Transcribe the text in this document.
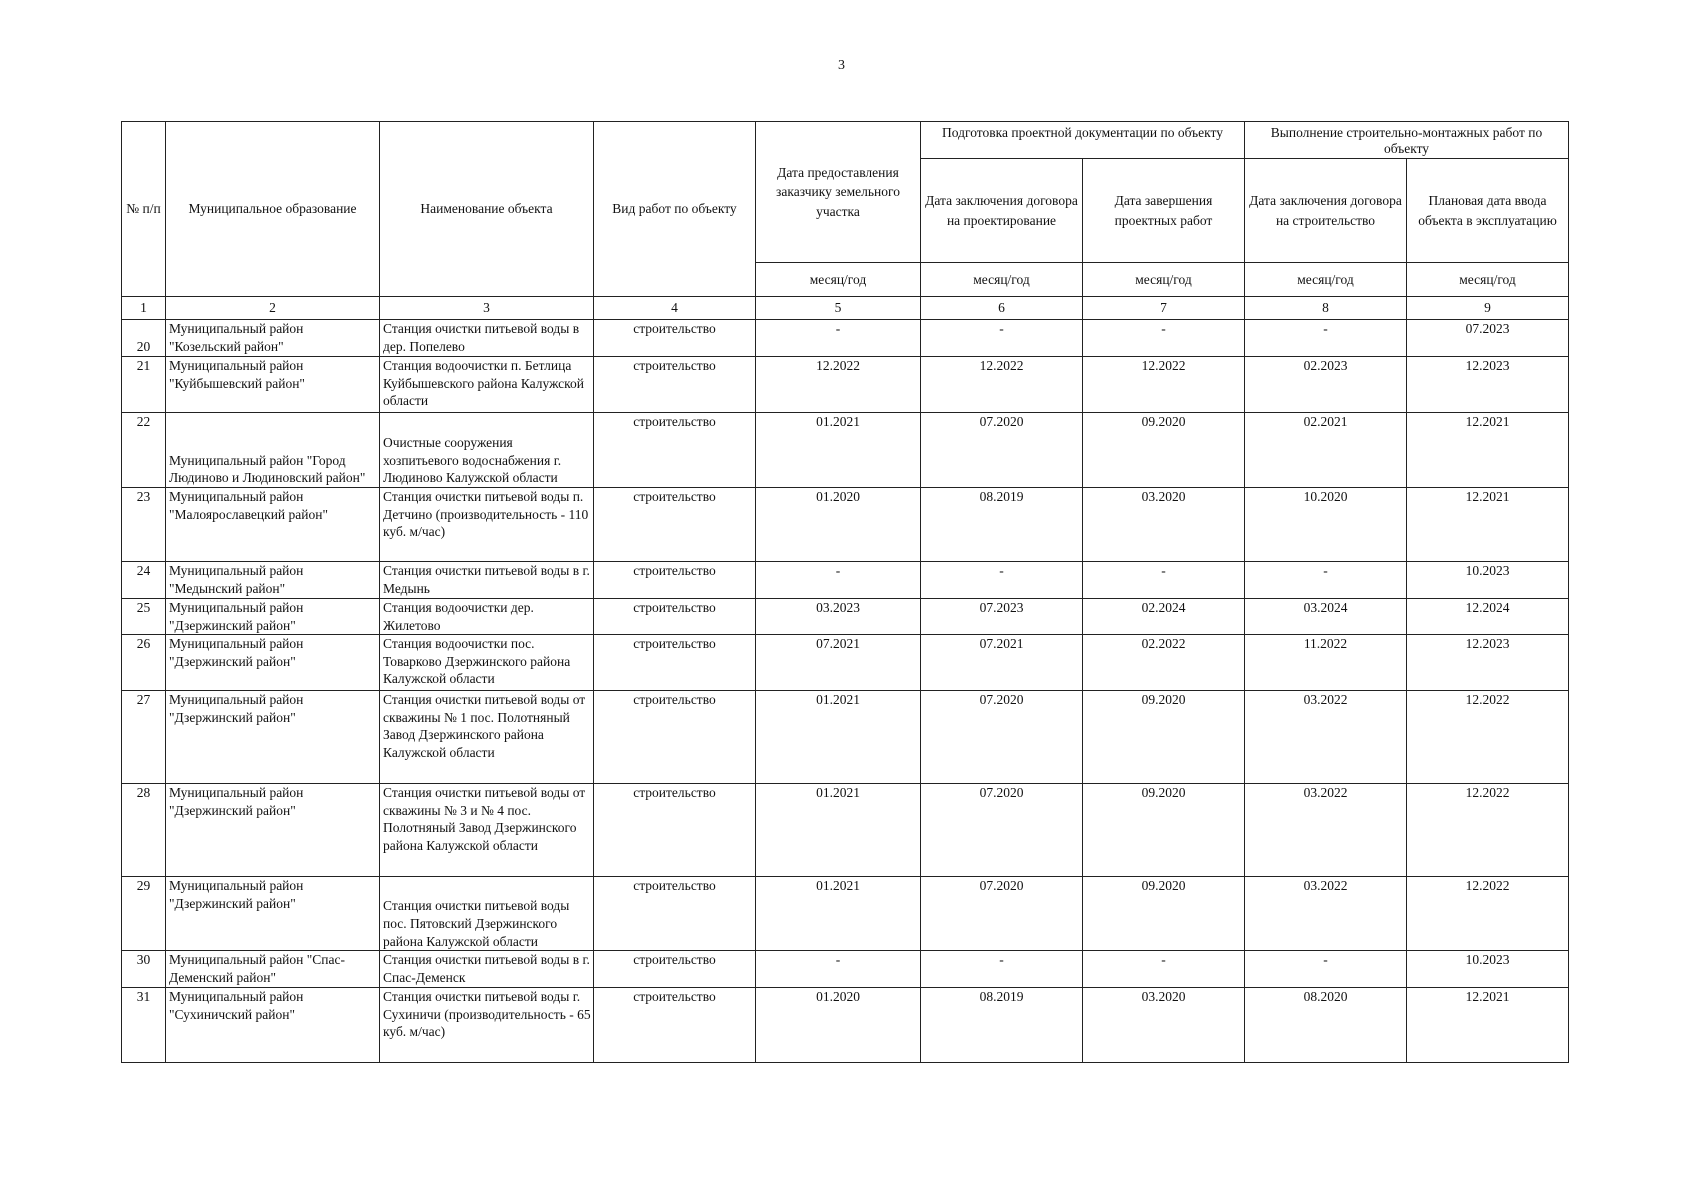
3
№ п/п	Муниципальное образование	Наименование объекта	Вид работ по объекту	Дата предоставления заказчику земельного участка	Подготовка проектной документации по объекту		Выполнение строительно-монтажных работ по объекту	
					Дата заключения договора на проектирование	Дата завершения проектных работ	Дата заключения договора на строительство	Плановая дата ввода объекта в эксплуатацию
				месяц/год	месяц/год	месяц/год	месяц/год	месяц/год
1	2	3	4	5	6	7	8	9
20	Муниципальный район "Козельский район"	Станция очистки питьевой воды в дер. Попелево	строительство	-	-	-	-	07.2023
21	Муниципальный район "Куйбышевский район"	Станция водоочистки п. Бетлица Куйбышевского района Калужской области	строительство	12.2022	12.2022	12.2022	02.2023	12.2023
22	Муниципальный район "Город Людиново и Людиновский район"	Очистные сооружения хозпитьевого водоснабжения г. Людиново Калужской области	строительство	01.2021	07.2020	09.2020	02.2021	12.2021
23	Муниципальный район "Малоярославецкий район"	Станция очистки питьевой воды п. Детчино (производительность - 110 куб. м/час)	строительство	01.2020	08.2019	03.2020	10.2020	12.2021
24	Муниципальный район "Медынский район"	Станция очистки питьевой воды в г. Медынь	строительство	-	-	-	-	10.2023
25	Муниципальный район "Дзержинский район"	Станция водоочистки дер. Жилетово	строительство	03.2023	07.2023	02.2024	03.2024	12.2024
26	Муниципальный район "Дзержинский район"	Станция водоочистки пос. Товарково Дзержинского района Калужской области	строительство	07.2021	07.2021	02.2022	11.2022	12.2023
27	Муниципальный район "Дзержинский район"	Станция очистки питьевой воды от скважины № 1 пос. Полотняный Завод Дзержинского района Калужской области	строительство	01.2021	07.2020	09.2020	03.2022	12.2022
28	Муниципальный район "Дзержинский район"	Станция очистки питьевой воды от скважины № 3 и № 4 пос. Полотняный Завод Дзержинского района Калужской области	строительство	01.2021	07.2020	09.2020	03.2022	12.2022
29	Муниципальный район "Дзержинский район"	Станция очистки питьевой воды пос. Пятовский Дзержинского района Калужской области	строительство	01.2021	07.2020	09.2020	03.2022	12.2022
30	Муниципальный район "Спас-Деменский район"	Станция очистки питьевой воды в г. Спас-Деменск	строительство	-	-	-	-	10.2023
31	Муниципальный район "Сухиничский район"	Станция очистки питьевой воды г. Сухиничи (производительность - 65 куб. м/час)	строительство	01.2020	08.2019	03.2020	08.2020	12.2021
